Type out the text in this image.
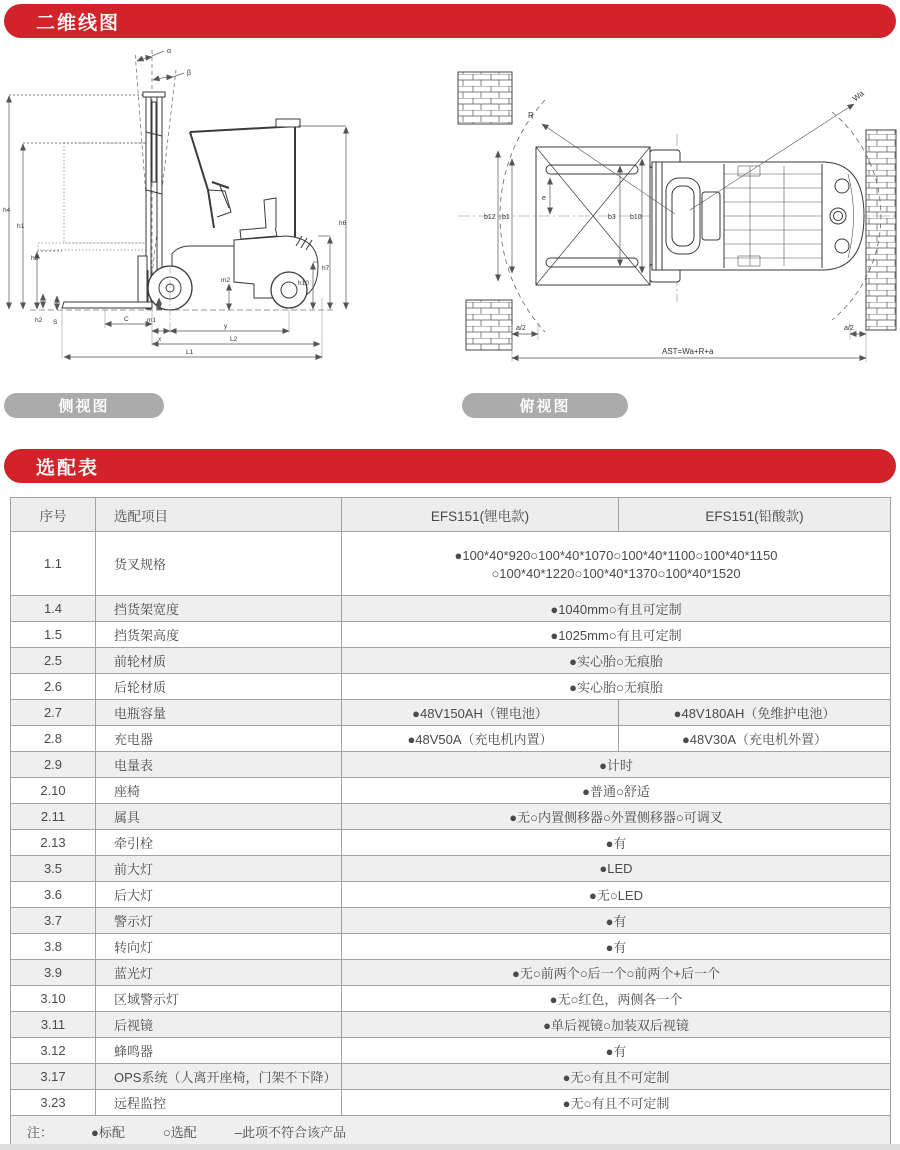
二维线图
α
β
h4
h1
h3
h2 S	m1
m2
h6
h7
h10
C
x
y
L2
L1
R
Wa
b12 b1	b3 b10
e
a/2	a/2
AST=Wa+R+a
侧视图	俯视图
选配表
序号	选配项目	EFS151(锂电款)	EFS151(铅酸款)
1.1	货叉规格	●100*40*920○100*40*1070○100*40*1100○100*40*1150
○100*40*1220○100*40*1370○100*40*1520	

1.4	挡货架宽度	●1040mm○有且可定制	
1.5	挡货架高度	●1025mm○有且可定制	
2.5	前轮材质	●实心胎○无痕胎	
2.6	后轮材质	●实心胎○无痕胎	
2.7	电瓶容量	●48V150AH（锂电池）	●48V180AH（免维护电池）
2.8	充电器	●48V50A（充电机内置）	●48V30A（充电机外置）
2.9	电量表	●计时	
2.10	座椅	●普通○舒适	
2.11	属具	●无○内置侧移器○外置侧移器○可调叉	
2.13	牵引栓	●有	
3.5	前大灯	●LED	
3.6	后大灯	●无○LED	
3.7	警示灯	●有	
3.8	转向灯	●有	
3.9	蓝光灯	●无○前两个○后一个○前两个+后一个	
3.10	区域警示灯	●无○红色，两侧各一个	
3.11	后视镜	●单后视镜○加装双后视镜	
3.12	蜂鸣器	●有	
3.17	OPS系统（人离开座椅，门架不下降）	●无○有且不可定制	
3.23	远程监控	●无○有且不可定制	

注： ●标配 ○选配 –此项不符合该产品			
